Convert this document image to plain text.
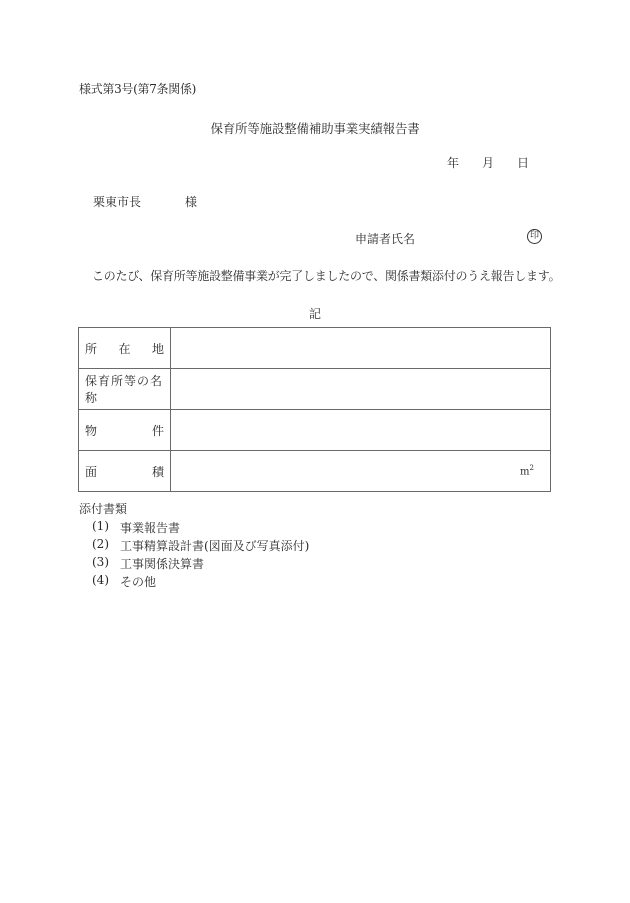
様式第3号(第7条関係)
保育所等施設整備補助事業実績報告書
年 月 日
栗東市長	様
申請者氏名	印
このたび、保育所等施設整備事業が完了しましたので、関係書類添付のうえ報告します。
記
所 在 地	

保育所等の名称	

物 件	

面 積	$m^2$
添付書類
(1) 事業報告書
(2) 工事精算設計書(図面及び写真添付)
(3) 工事関係決算書
(4) その他
